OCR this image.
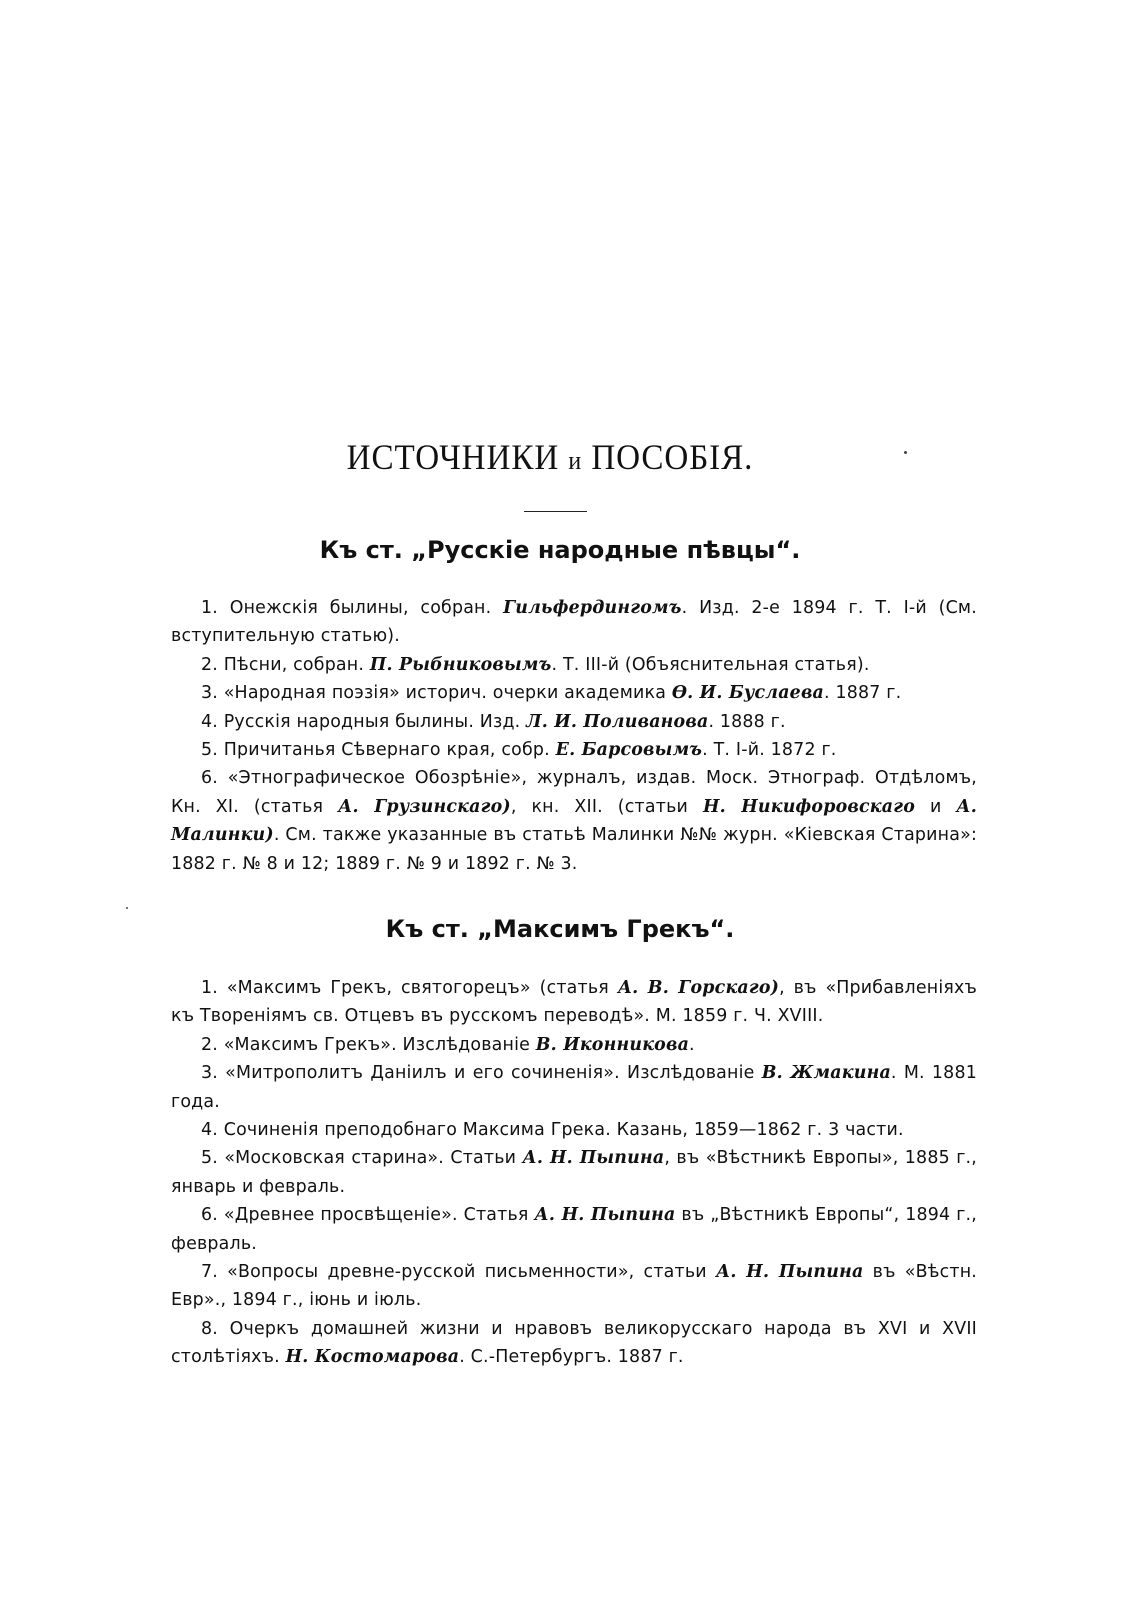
ИСТОЧНИКИ и ПОСОБІЯ.
Къ ст. „Русскіе народные пѣвцы“.

1. Онежскія былины, собран. Гильфердингомъ. Изд. 2-е 1894 г. Т. І-й (См. вступительную статью).

2. Пѣсни, собран. П. Рыбниковымъ. Т. III-й (Объяснительная статья).

3. «Народная поэзія» историч. очерки академика Ѳ. И. Буслаева. 1887 г.

4. Русскія народныя былины. Изд. Л. И. Поливанова. 1888 г.

5. Причитанья Сѣвернаго края, собр. Е. Барсовымъ. Т. І-й. 1872 г.

6. «Этнографическое Обозрѣніе», журналъ, издав. Моск. Этнограф. Отдѣломъ, Кн. XI. (статья А. Грузинскаго), кн. XII. (статьи Н. Никифоровскаго и А. Малинки). См. также указанные въ статьѣ Малинки №№ журн. «Кіевская Старина»: 1882 г. № 8 и 12; 1889 г. № 9 и 1892 г. № 3.

Къ ст. „Максимъ Грекъ“.

1. «Максимъ Грекъ, святогорецъ» (статья А. В. Горскаго), въ «Прибавленіяхъ къ Твореніямъ св. Отцевъ въ русскомъ переводѣ». М. 1859 г. Ч. XVIII.

2. «Максимъ Грекъ». Изслѣдованіе В. Иконникова.

3. «Митрополитъ Даніилъ и его сочиненія». Изслѣдованіе В. Жмакина. М. 1881 года.

4. Сочиненія преподобнаго Максима Грека. Казань, 1859—1862 г. 3 части.

5. «Московская старина». Статьи А. Н. Пыпина, въ «Вѣстникѣ Европы», 1885 г., январь и февраль.

6. «Древнее просвѣщеніе». Статья А. Н. Пыпина въ „Вѣстникѣ Европы“, 1894 г., февраль.

7. «Вопросы древне-русской письменности», статьи А. Н. Пыпина въ «Вѣстн. Евр»., 1894 г., іюнь и іюль.

8. Очеркъ домашней жизни и нравовъ великорусскаго народа въ XVI и XVII столѣтіяхъ. Н. Костомарова. С.-Петербургъ. 1887 г.
